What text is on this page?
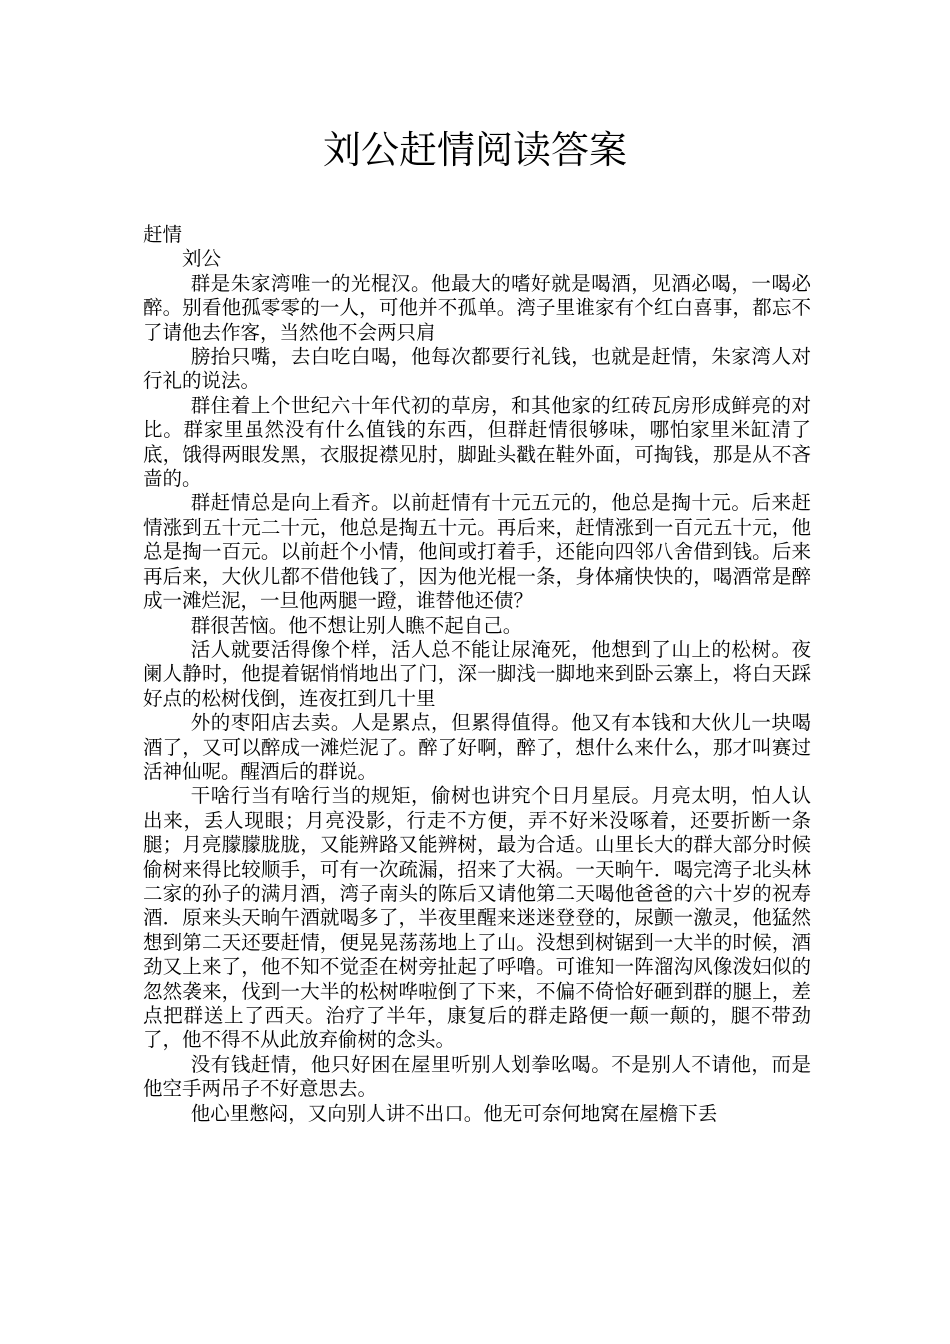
刘公赶情阅读答案

赶情

刘公

群是朱家湾唯一的光棍汉。他最大的嗜好就是喝酒，见酒必喝，一喝必醉。别看他孤零零的一人，可他并不孤单。湾子里谁家有个红白喜事，都忘不了请他去作客，当然他不会两只肩

膀抬只嘴，去白吃白喝，他每次都要行礼钱，也就是赶情，朱家湾人对行礼的说法。

群住着上个世纪六十年代初的草房，和其他家的红砖瓦房形成鲜亮的对比。群家里虽然没有什么值钱的东西，但群赶情很够味，哪怕家里米缸清了底，饿得两眼发黑，衣服捉襟见肘，脚趾头戳在鞋外面，可掏钱，那是从不吝啬的。

群赶情总是向上看齐。以前赶情有十元五元的，他总是掏十元。后来赶情涨到五十元二十元，他总是掏五十元。再后来，赶情涨到一百元五十元，他总是掏一百元。以前赶个小情，他间或打着手，还能向四邻八舍借到钱。后来再后来，大伙儿都不借他钱了，因为他光棍一条，身体痛快快的，喝酒常是醉成一滩烂泥，一旦他两腿一蹬，谁替他还债？

群很苦恼。他不想让别人瞧不起自己。

活人就要活得像个样，活人总不能让尿淹死，他想到了山上的松树。夜阑人静时，他提着锯悄悄地出了门，深一脚浅一脚地来到卧云寨上，将白天踩好点的松树伐倒，连夜扛到几十里

外的枣阳店去卖。人是累点，但累得值得。他又有本钱和大伙儿一块喝酒了，又可以醉成一滩烂泥了。醉了好啊，醉了，想什么来什么，那才叫赛过活神仙呢。醒酒后的群说。

干啥行当有啥行当的规矩，偷树也讲究个日月星辰。月亮太明，怕人认出来，丢人现眼；月亮没影，行走不方便，弄不好米没啄着，还要折断一条腿；月亮朦朦胧胧，又能辨路又能辨树，最为合适。山里长大的群大部分时候偷树来得比较顺手，可有一次疏漏，招来了大祸。一天晌午．喝完湾子北头林二家的孙子的满月酒，湾子南头的陈后又请他第二天喝他爸爸的六十岁的祝寿酒．原来头天晌午酒就喝多了，半夜里醒来迷迷登登的，尿颤一激灵，他猛然想到第二天还要赶情，便晃晃荡荡地上了山。没想到树锯到一大半的时候，酒劲又上来了，他不知不觉歪在树旁扯起了呼噜。可谁知一阵溜沟风像泼妇似的忽然袭来，伐到一大半的松树哗啦倒了下来，不偏不倚恰好砸到群的腿上，差点把群送上了西天。治疗了半年，康复后的群走路便一颠一颠的，腿不带劲了，他不得不从此放弃偷树的念头。

没有钱赶情，他只好困在屋里听别人划拳吆喝。不是别人不请他，而是他空手两吊子不好意思去。

他心里憋闷，又向别人讲不出口。他无可奈何地窝在屋檐下丢
